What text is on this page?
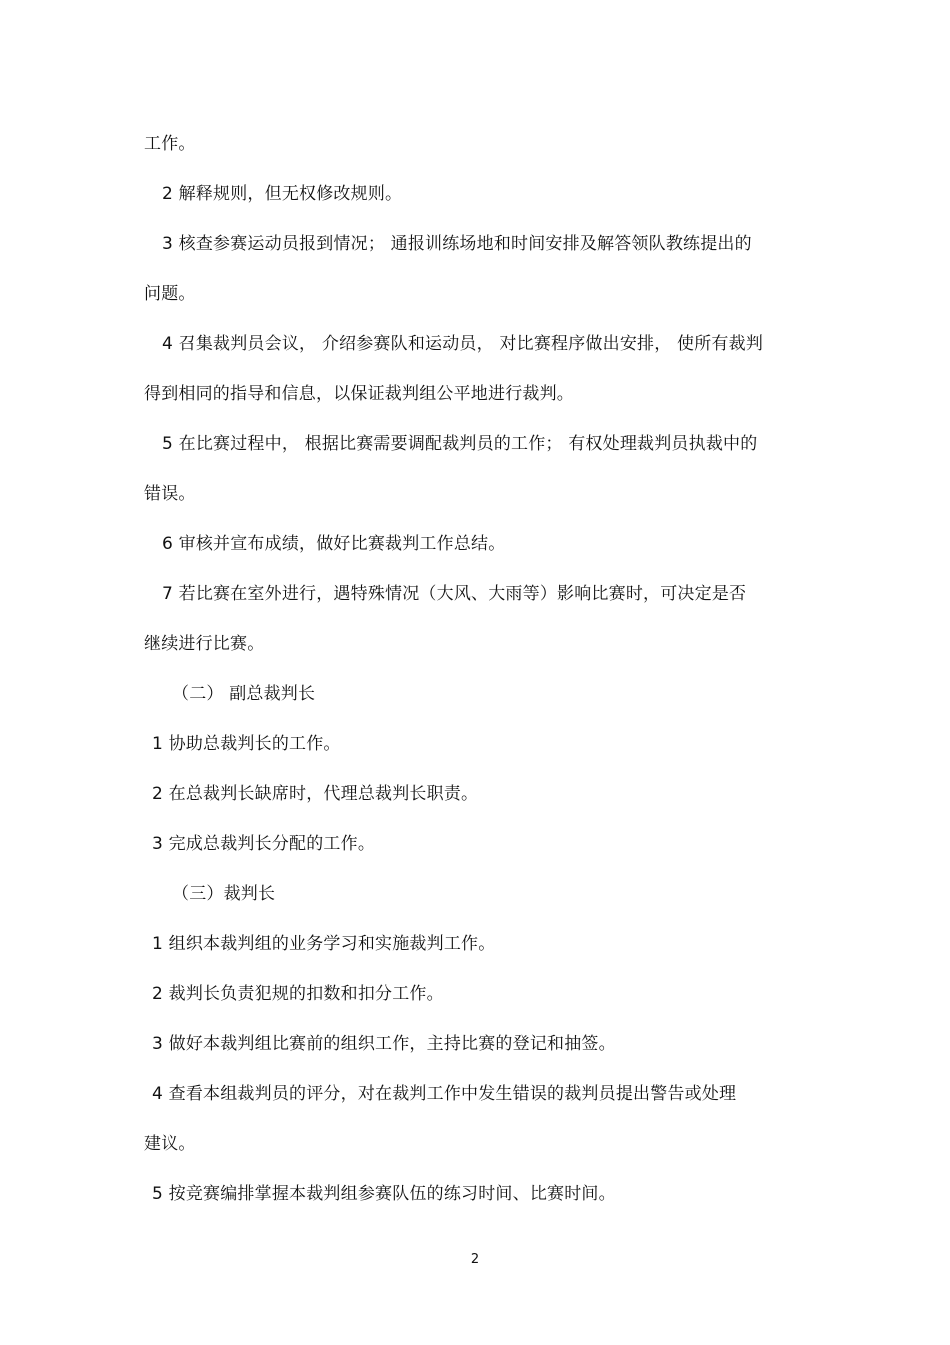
工作。
2 解释规则，但无权修改规则。
3 核查参赛运动员报到情况； 通报训练场地和时间安排及解答领队教练提出的
问题。
4 召集裁判员会议， 介绍参赛队和运动员， 对比赛程序做出安排， 使所有裁判
得到相同的指导和信息，以保证裁判组公平地进行裁判。
5 在比赛过程中， 根据比赛需要调配裁判员的工作； 有权处理裁判员执裁中的
错误。
6 审核并宣布成绩，做好比赛裁判工作总结。
7 若比赛在室外进行，遇特殊情况（大风、大雨等）影响比赛时，可决定是否
继续进行比赛。
（二） 副总裁判长
1 协助总裁判长的工作。
2 在总裁判长缺席时，代理总裁判长职责。
3 完成总裁判长分配的工作。
（三）裁判长
1 组织本裁判组的业务学习和实施裁判工作。
2 裁判长负责犯规的扣数和扣分工作。
3 做好本裁判组比赛前的组织工作，主持比赛的登记和抽签。
4 查看本组裁判员的评分，对在裁判工作中发生错误的裁判员提出警告或处理
建议。
5 按竞赛编排掌握本裁判组参赛队伍的练习时间、比赛时间。
2
